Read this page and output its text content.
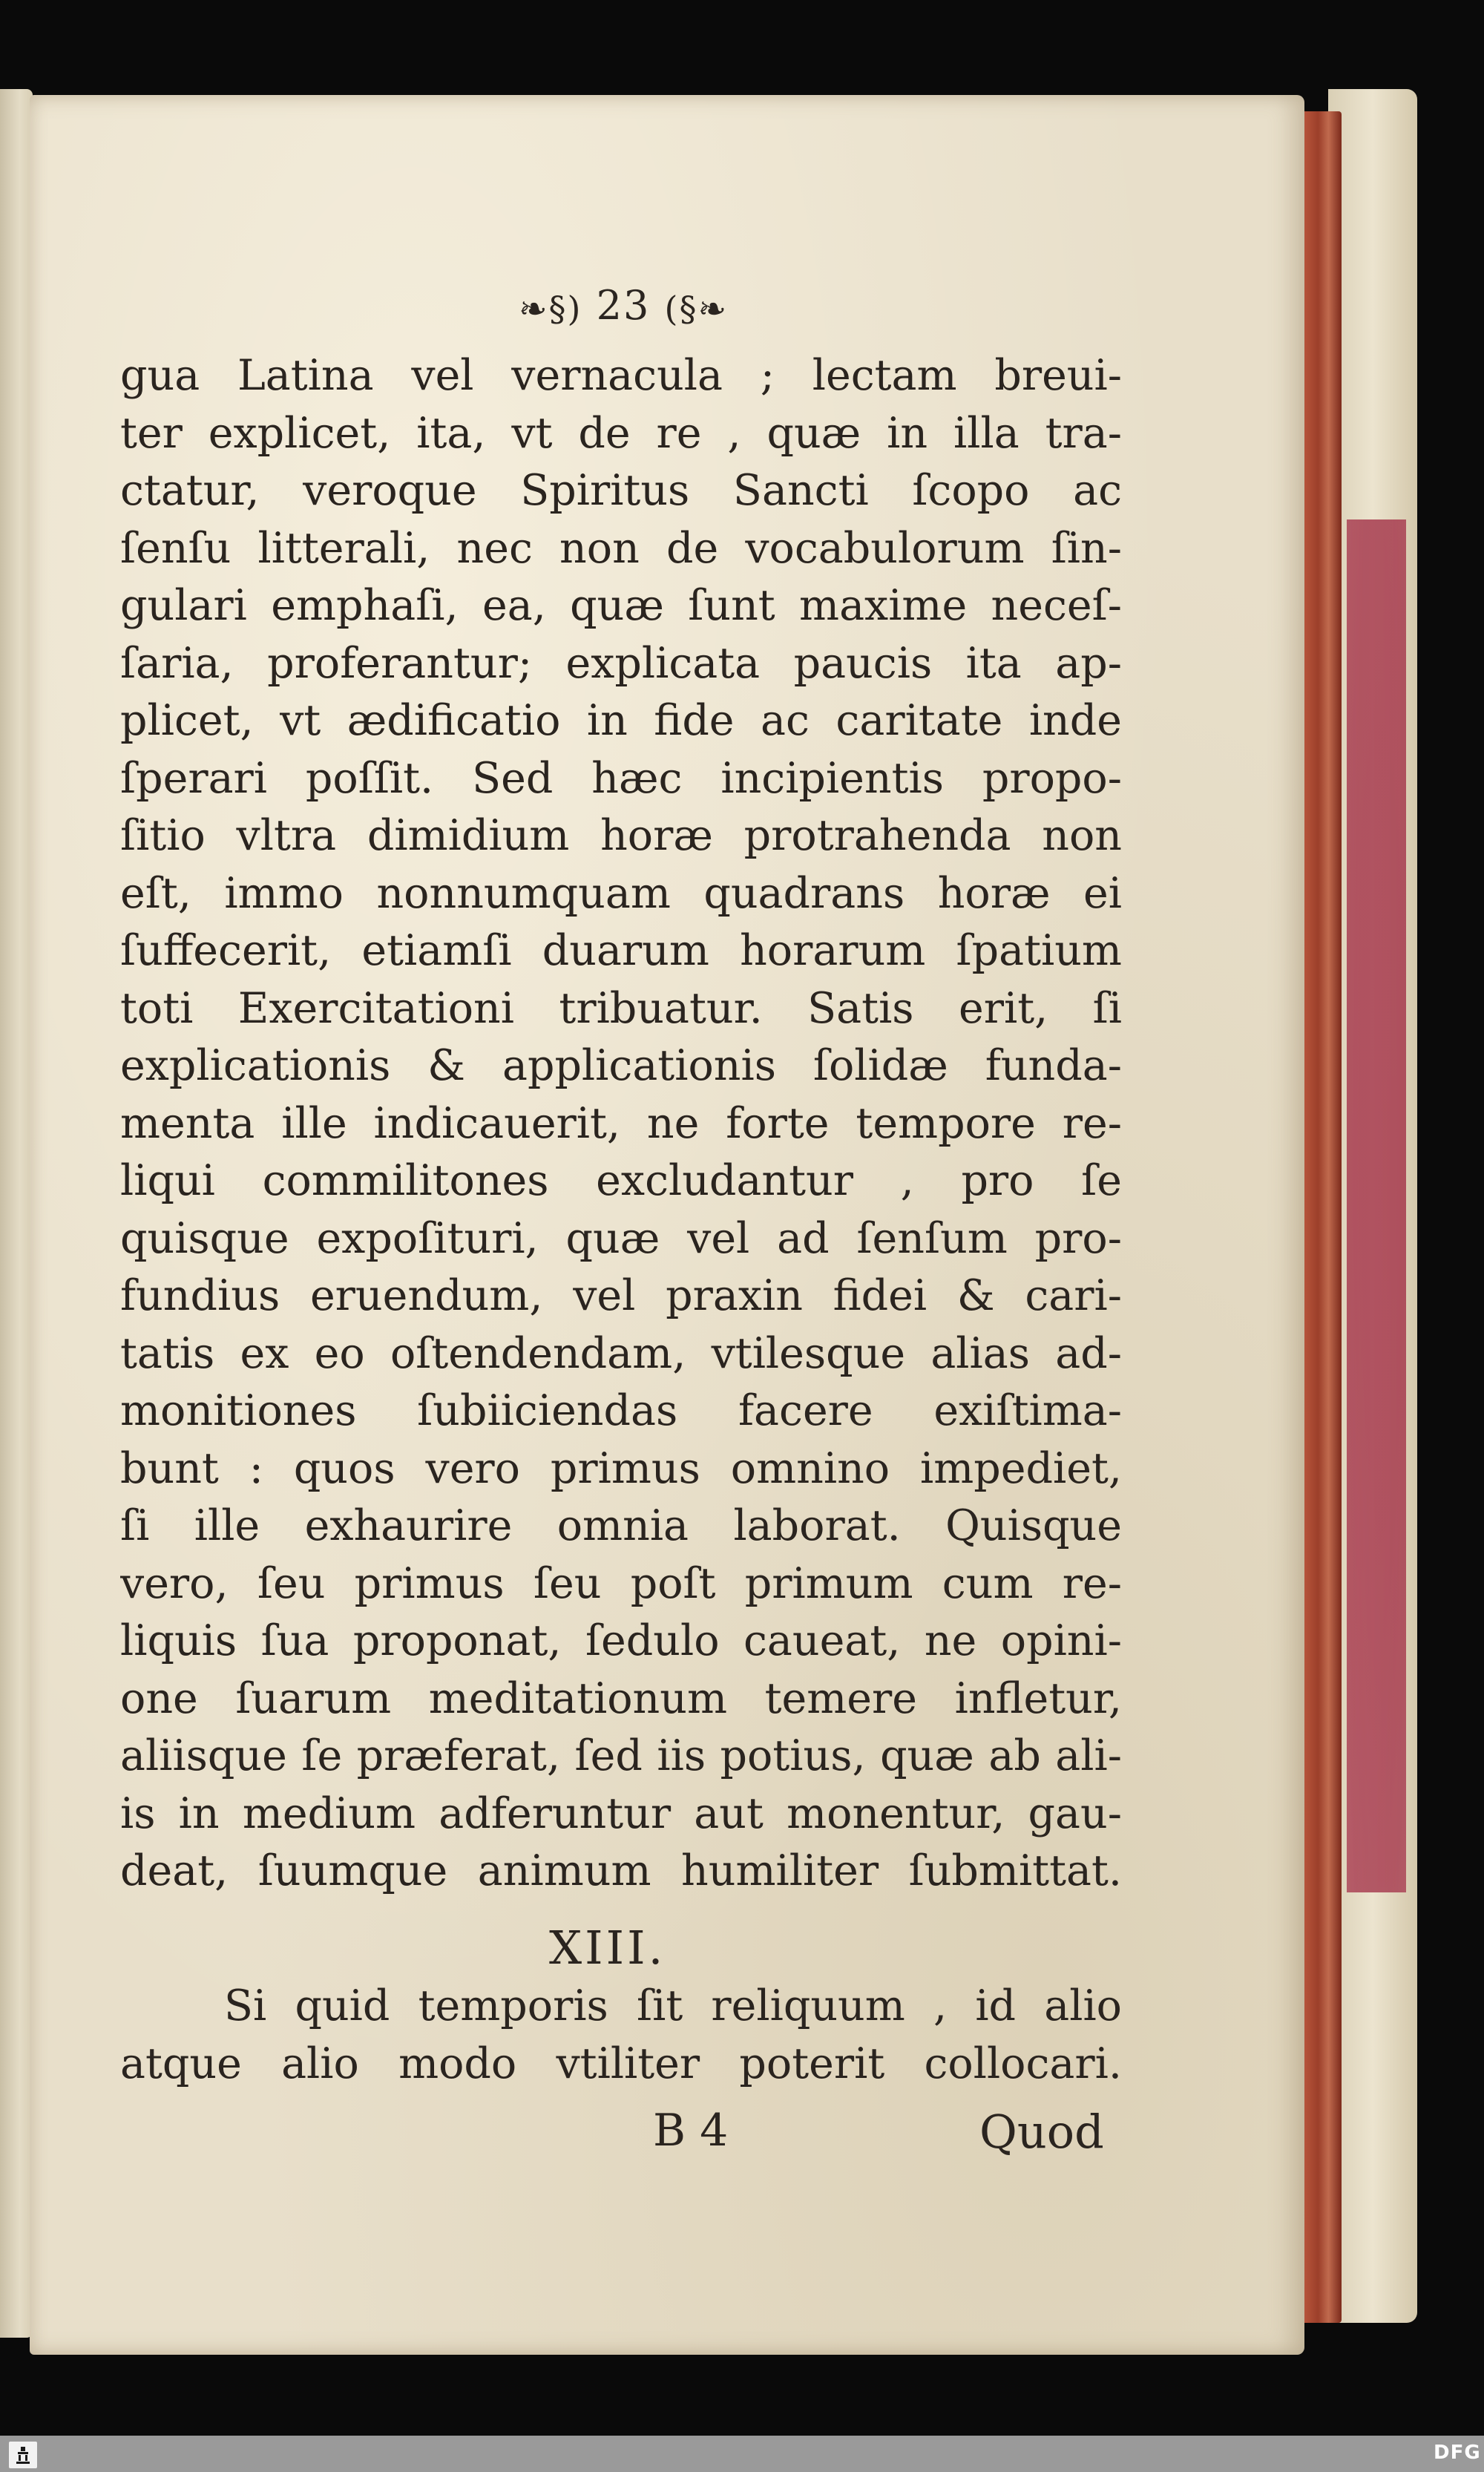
❧§) 23 (§❧
gua Latina vel vernacula ; lectam breui-
ter explicet, ita, vt de re , quæ in illa tra-
ctatur, veroque Spiritus Sancti ſcopo ac
ſenſu litterali, nec non de vocabulorum ſin-
gulari emphaſi, ea, quæ ſunt maxime neceſ-
ſaria, proferantur; explicata paucis ita ap-
plicet, vt ædificatio in fide ac caritate inde
ſperari poſſit. Sed hæc incipientis propo-
ſitio vltra dimidium horæ protrahenda non
eſt, immo nonnumquam quadrans horæ ei
ſuffecerit, etiamſi duarum horarum ſpatium
toti Exercitationi tribuatur. Satis erit, ſi
explicationis & applicationis ſolidæ funda-
menta ille indicauerit, ne forte tempore re-
liqui commilitones excludantur , pro ſe
quisque expoſituri, quæ vel ad ſenſum pro-
fundius eruendum, vel praxin fidei & cari-
tatis ex eo oſtendendam, vtilesque alias ad-
monitiones ſubiiciendas facere exiſtima-
bunt : quos vero primus omnino impediet,
ſi ille exhaurire omnia laborat. Quisque
vero, ſeu primus ſeu poſt primum cum re-
liquis ſua proponat, ſedulo caueat, ne opini-
one ſuarum meditationum temere infletur,
aliisque ſe præferat, ſed iis potius, quæ ab ali-
is in medium adferuntur aut monentur, gau-
deat, ſuumque animum humiliter ſubmittat.
XIII.
Si quid temporis ſit reliquum , id alio
atque alio modo vtiliter poterit collocari.
B 4	Quod
DFG
